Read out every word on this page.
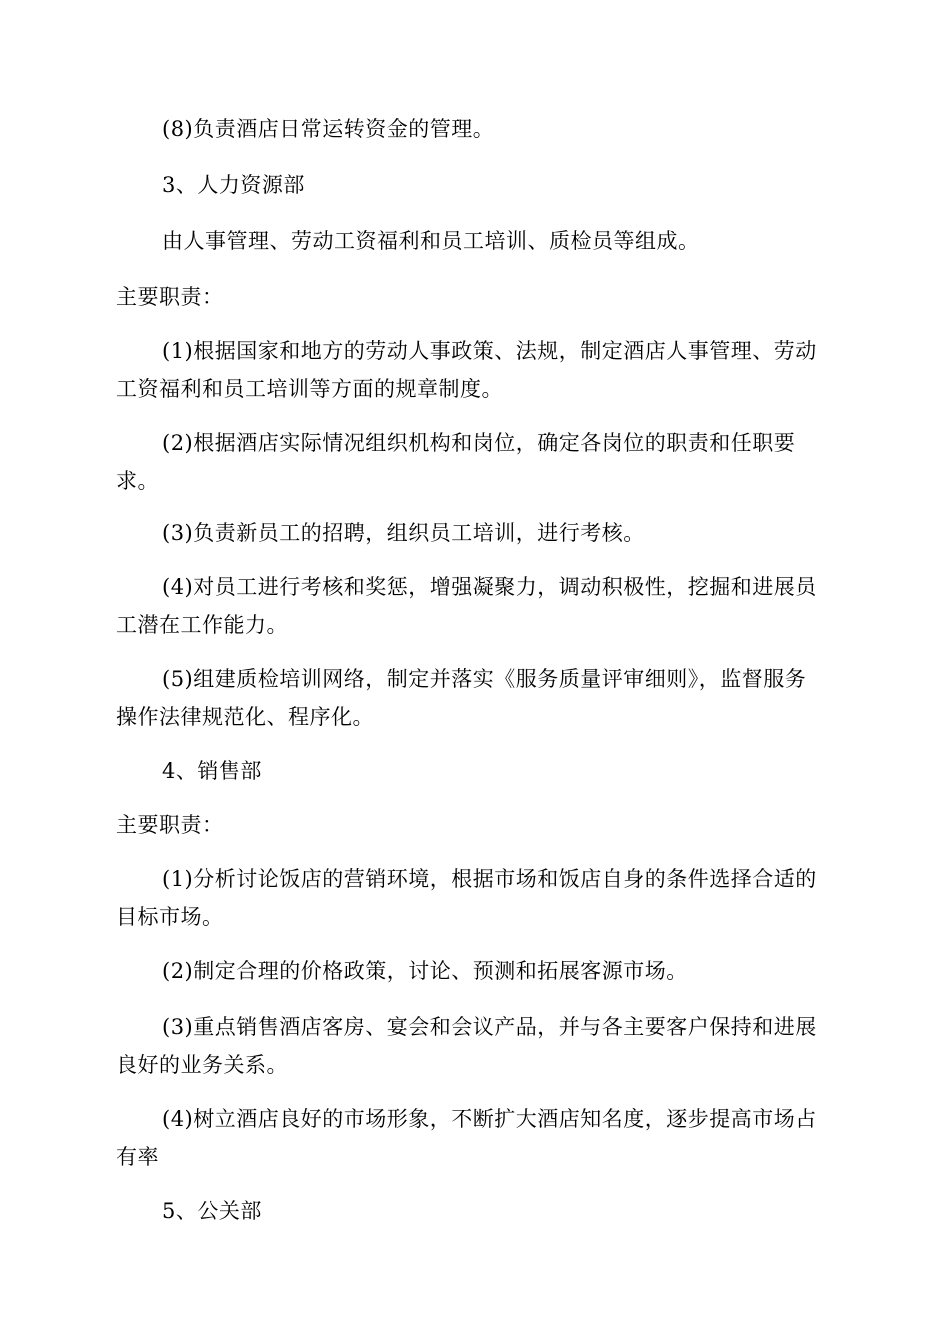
(8)负责酒店日常运转资金的管理。
3、人力资源部
由人事管理、劳动工资福利和员工培训、质检员等组成。
主要职责：
(1)根据国家和地方的劳动人事政策、法规，制定酒店人事管理、劳动工资福利和员工培训等方面的规章制度。
(2)根据酒店实际情况组织机构和岗位，确定各岗位的职责和任职要求。
(3)负责新员工的招聘，组织员工培训，进行考核。
(4)对员工进行考核和奖惩，增强凝聚力，调动积极性，挖掘和进展员工潜在工作能力。
(5)组建质检培训网络，制定并落实《服务质量评审细则》，监督服务操作法律规范化、程序化。
4、销售部
主要职责：
(1)分析讨论饭店的营销环境，根据市场和饭店自身的条件选择合适的目标市场。
(2)制定合理的价格政策，讨论、预测和拓展客源市场。
(3)重点销售酒店客房、宴会和会议产品，并与各主要客户保持和进展良好的业务关系。
(4)树立酒店良好的市场形象，不断扩大酒店知名度，逐步提高市场占有率
5、公关部
